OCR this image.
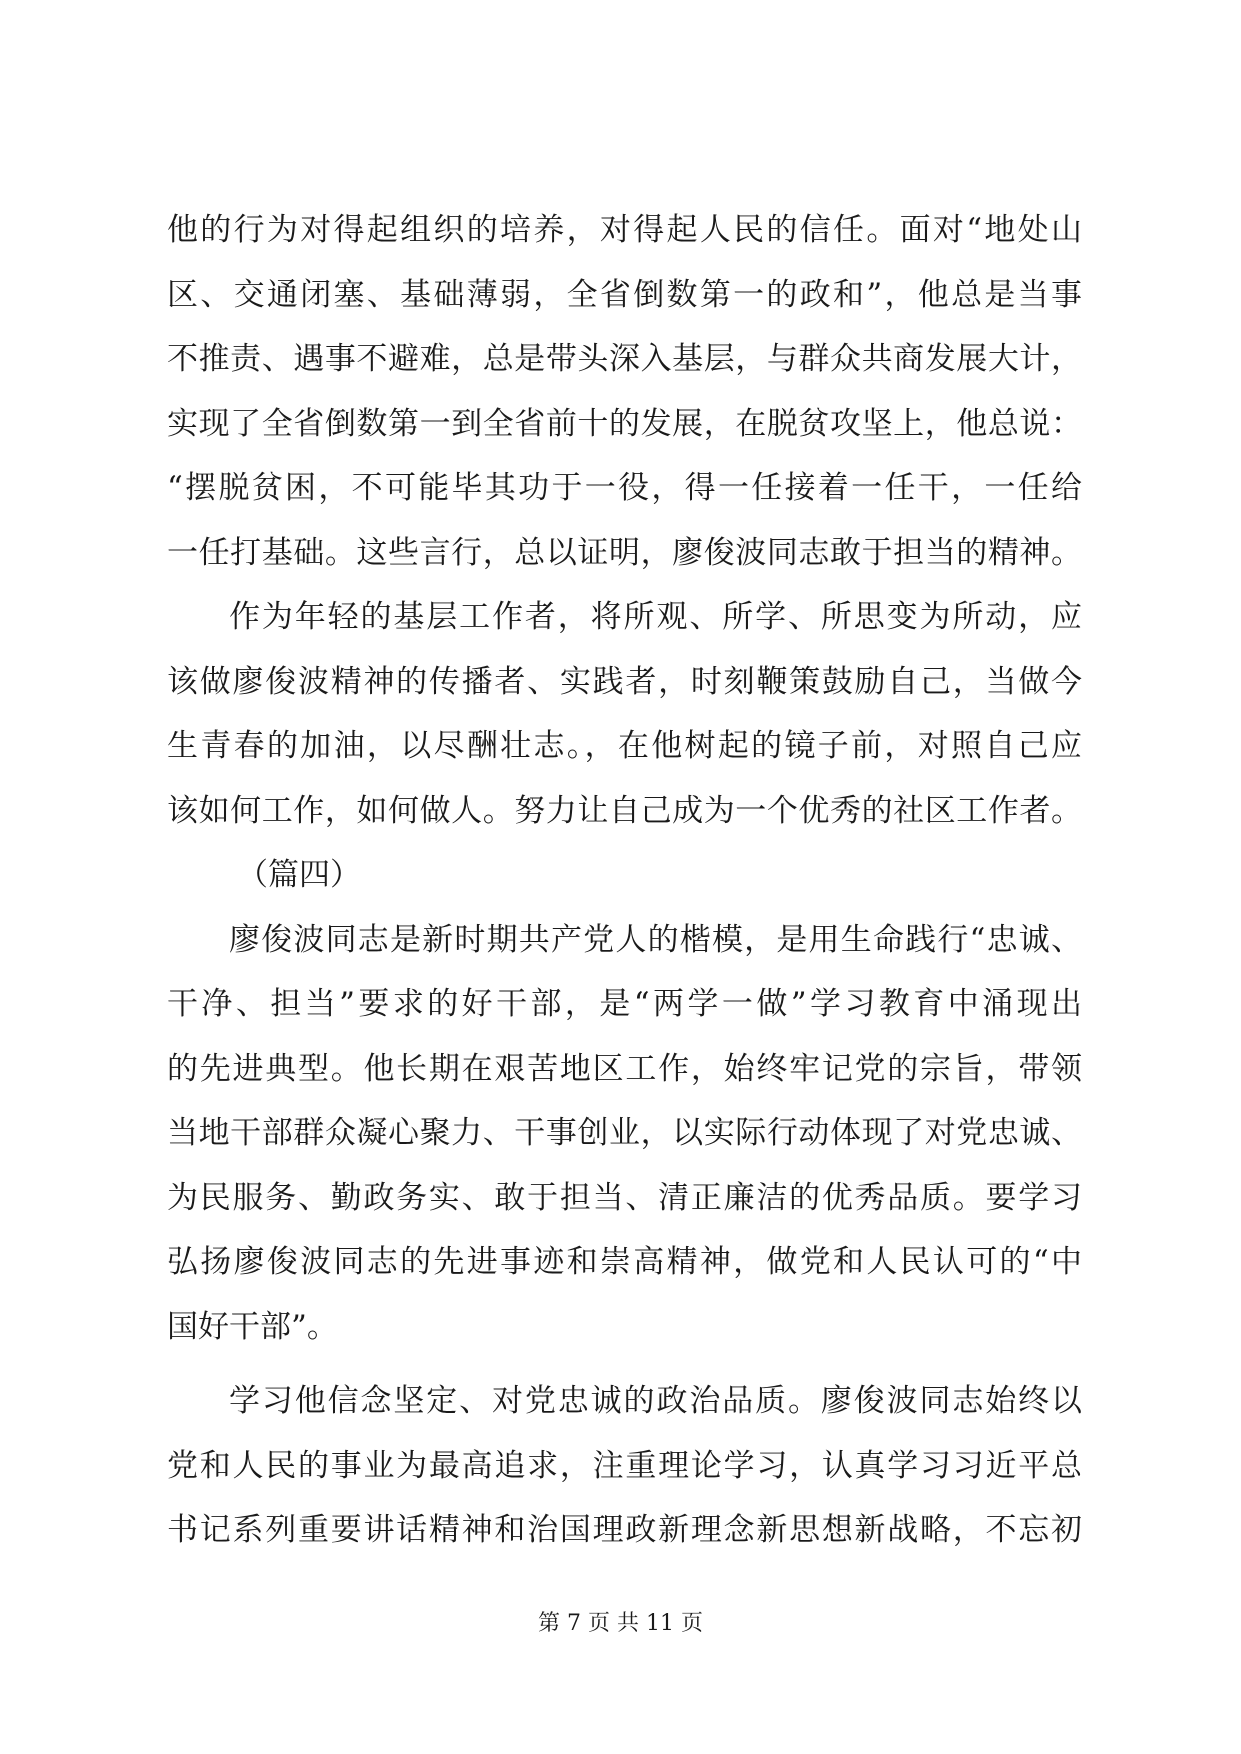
他的行为对得起组织的培养，对得起人民的信任。面对“地处山
区、交通闭塞、基础薄弱，全省倒数第一的政和”，他总是当事
不推责、遇事不避难，总是带头深入基层，与群众共商发展大计，
实现了全省倒数第一到全省前十的发展，在脱贫攻坚上，他总说：
“摆脱贫困，不可能毕其功于一役，得一任接着一任干，一任给
一任打基础。这些言行，总以证明，廖俊波同志敢于担当的精神。
作为年轻的基层工作者，将所观、所学、所思变为所动，应
该做廖俊波精神的传播者、实践者，时刻鞭策鼓励自己，当做今
生青春的加油，以尽酬壮志。，在他树起的镜子前，对照自己应
该如何工作，如何做人。努力让自己成为一个优秀的社区工作者。
（篇四）
廖俊波同志是新时期共产党人的楷模，是用生命践行“忠诚、
干净、担当”要求的好干部，是“两学一做”学习教育中涌现出
的先进典型。他长期在艰苦地区工作，始终牢记党的宗旨，带领
当地干部群众凝心聚力、干事创业，以实际行动体现了对党忠诚、
为民服务、勤政务实、敢于担当、清正廉洁的优秀品质。要学习
弘扬廖俊波同志的先进事迹和崇高精神，做党和人民认可的“中
国好干部”。
学习他信念坚定、对党忠诚的政治品质。廖俊波同志始终以
党和人民的事业为最高追求，注重理论学习，认真学习习近平总
书记系列重要讲话精神和治国理政新理念新思想新战略，不忘初
第 7 页 共 11 页
